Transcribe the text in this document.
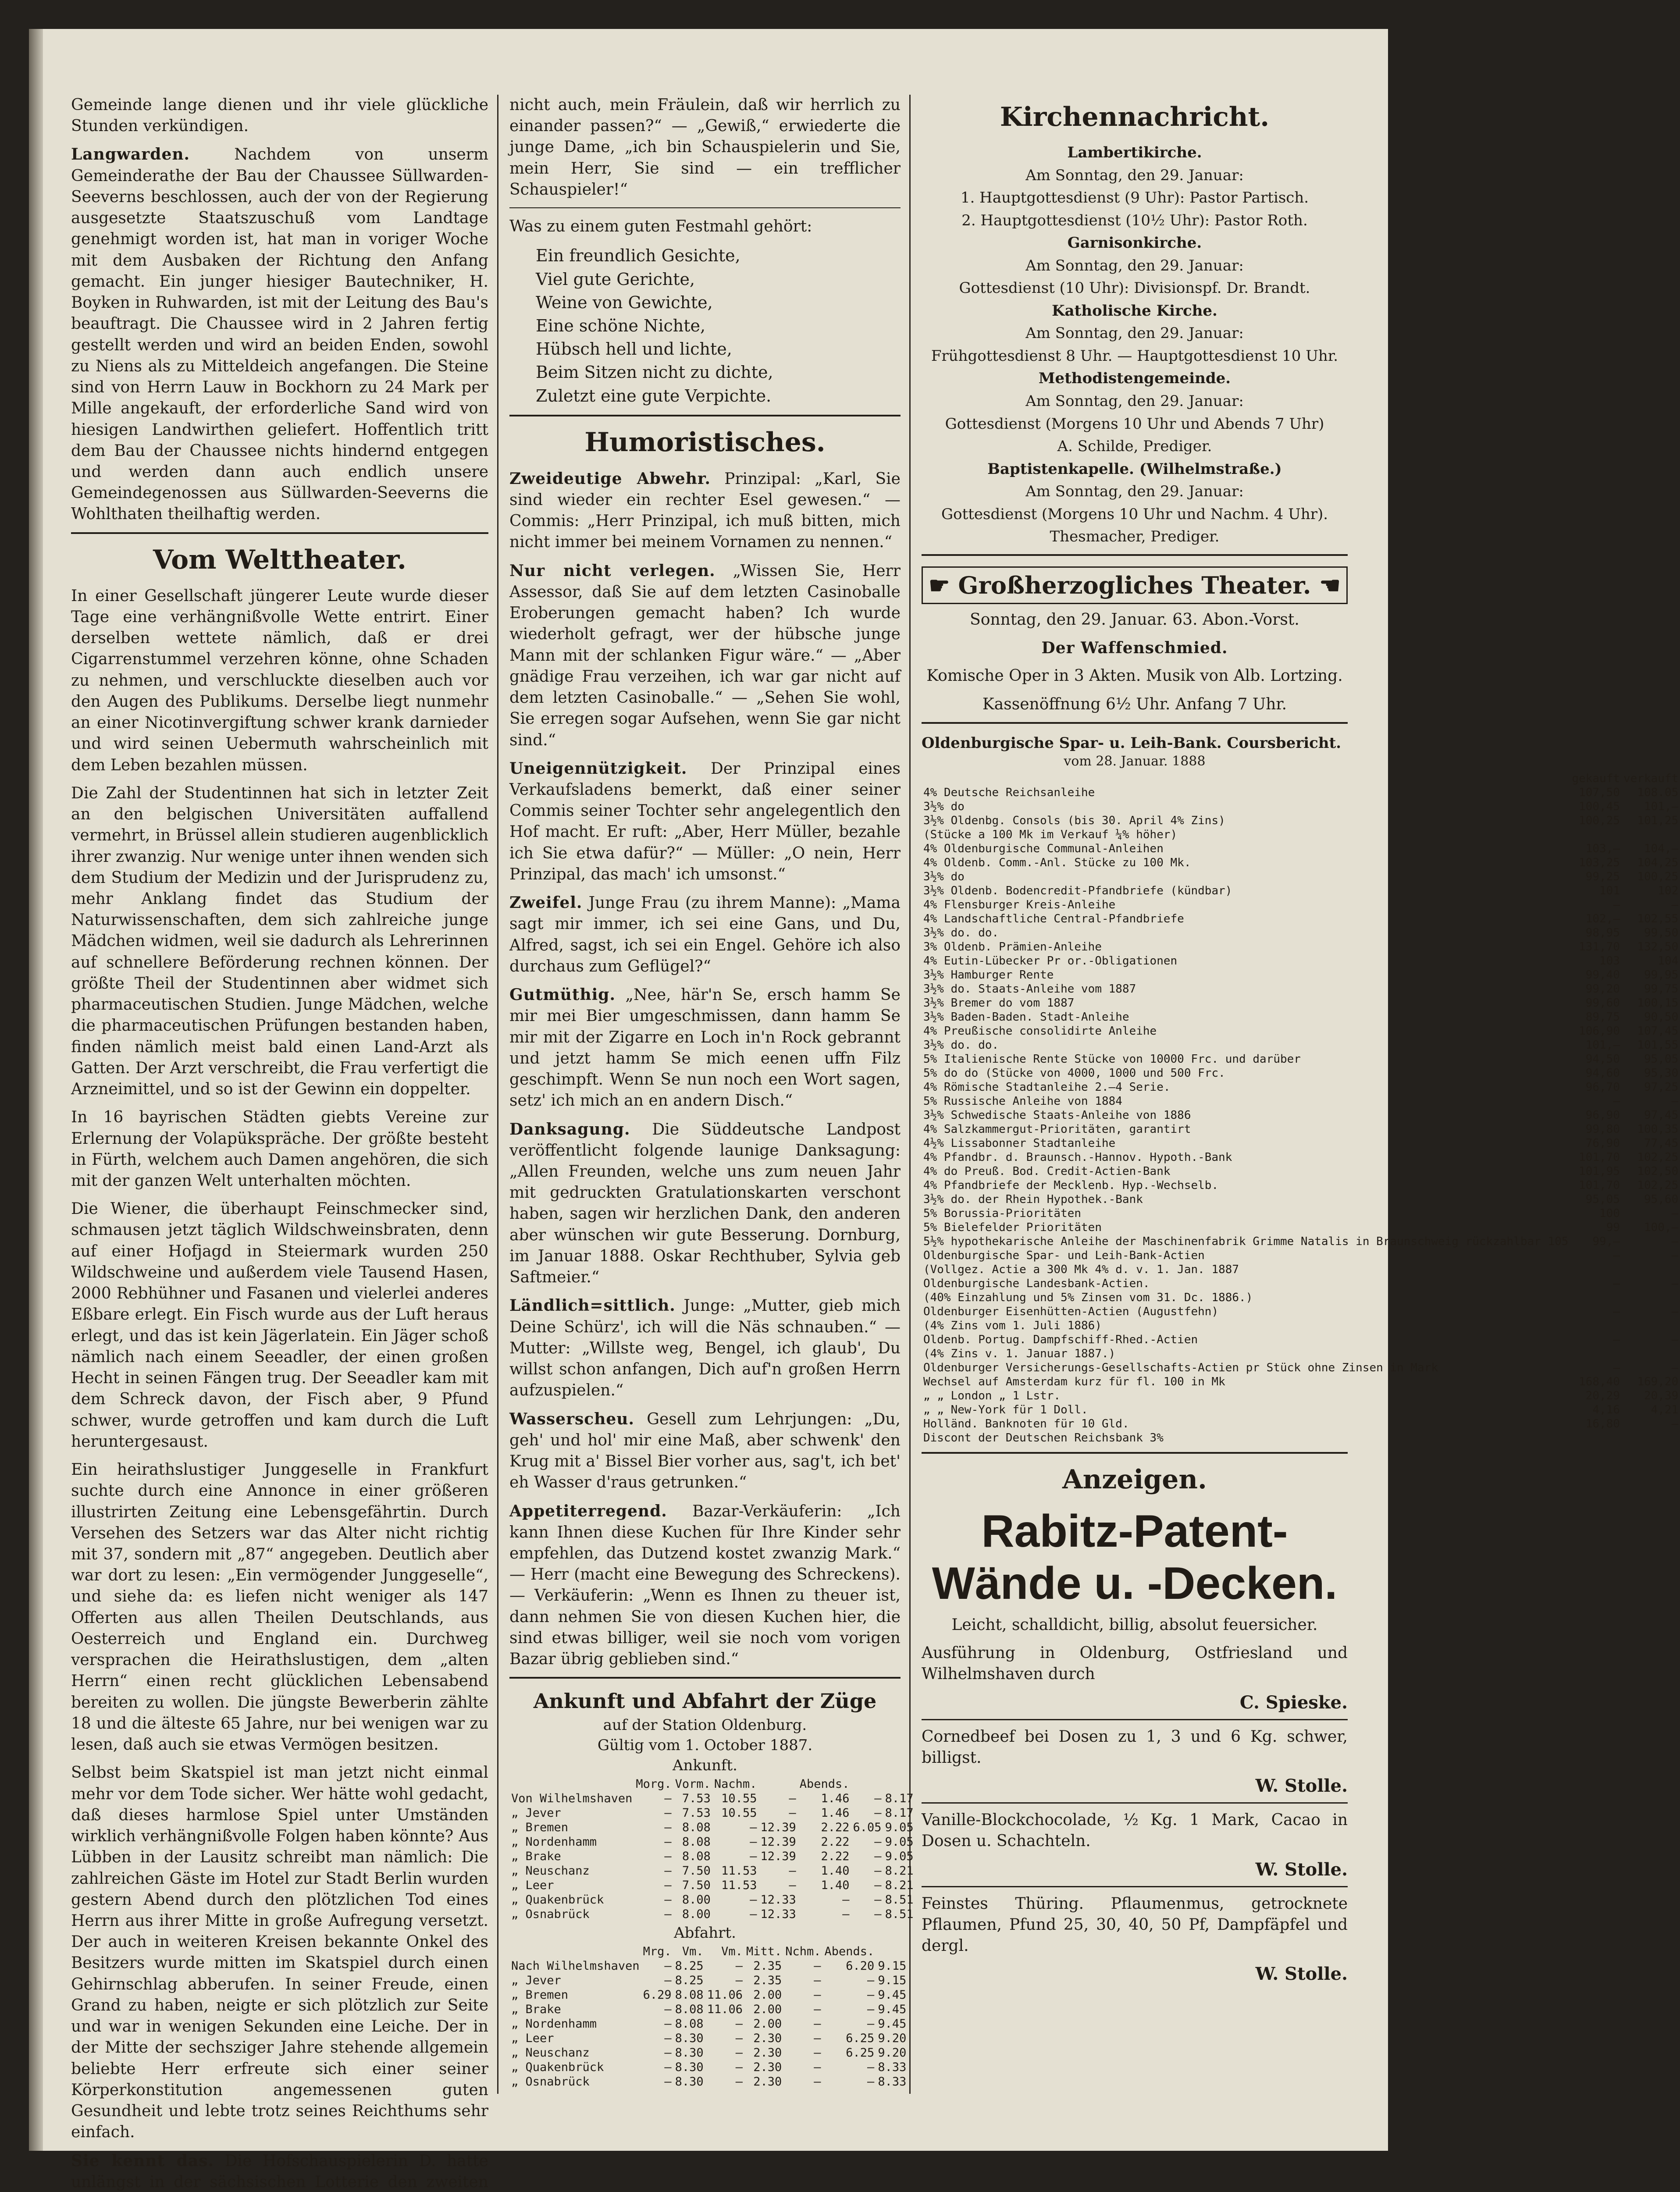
Gemeinde lange dienen und ihr viele glückliche Stunden verkündigen.

Langwarden.	Nachdem von unserm Gemeinderathe der Bau der Chaussee Süllwarden-Seeverns beschlossen, auch der von der Regierung ausgesetzte Staatszuschuß vom Landtage genehmigt worden ist, hat man in voriger Woche mit dem Ausbaken der Richtung den Anfang gemacht. Ein junger hiesiger Bautechniker, H. Boyken in Ruhwarden, ist mit der Leitung des Bau's beauftragt. Die Chaussee wird in 2 Jahren fertig gestellt werden und wird an beiden Enden, sowohl zu Niens als zu Mitteldeich angefangen. Die Steine sind von Herrn Lauw in Bockhorn zu 24 Mark per Mille angekauft, der erforderliche Sand wird von hiesigen Landwirthen geliefert. Hoffentlich tritt dem Bau der Chaussee nichts hindernd entgegen und werden dann auch endlich unsere Gemeindegenossen aus Süllwarden-Seeverns die Wohlthaten theilhaftig werden.

Vom Welttheater.

In einer Gesellschaft jüngerer Leute wurde dieser Tage eine verhängnißvolle Wette entrirt. Einer derselben wettete nämlich, daß er drei Cigarrenstummel verzehren könne, ohne Schaden zu nehmen, und verschluckte dieselben auch vor den Augen des Publikums. Derselbe liegt nunmehr an einer Nicotinvergiftung schwer krank darnieder und wird seinen Uebermuth wahrscheinlich mit dem Leben bezahlen müssen.

Die Zahl der Studentinnen hat sich in letzter Zeit an den belgischen Universitäten auffallend vermehrt, in Brüssel allein studieren augenblicklich ihrer zwanzig. Nur wenige unter ihnen wenden sich dem Studium der Medizin und der Jurisprudenz zu, mehr Anklang findet das Studium der Naturwissenschaften, dem sich zahlreiche junge Mädchen widmen, weil sie dadurch als Lehrerinnen auf schnellere Beförderung rechnen können. Der größte Theil der Studentinnen aber widmet sich pharmaceutischen Studien. Junge Mädchen, welche die pharmaceutischen Prüfungen bestanden haben, finden nämlich meist bald einen Land-Arzt als Gatten. Der Arzt verschreibt, die Frau verfertigt die Arzneimittel, und so ist der Gewinn ein doppelter.

In 16 bayrischen Städten giebts Vereine zur Erlernung der Volapükspräche. Der größte besteht in Fürth, welchem auch Damen angehören, die sich mit der ganzen Welt unterhalten möchten.

Die Wiener, die überhaupt Feinschmecker sind, schmausen jetzt täglich Wildschweinsbraten, denn auf einer Hofjagd in Steiermark wurden 250 Wildschweine und außerdem viele Tausend Hasen, 2000 Rebhühner und Fasanen und vielerlei anderes Eßbare erlegt. Ein Fisch wurde aus der Luft heraus erlegt, und das ist kein Jägerlatein. Ein Jäger schoß nämlich nach einem Seeadler, der einen großen Hecht in seinen Fängen trug. Der Seeadler kam mit dem Schreck davon, der Fisch aber, 9 Pfund schwer, wurde getroffen und kam durch die Luft heruntergesaust.

Ein heirathslustiger Junggeselle in Frankfurt suchte durch eine Annonce in einer größeren illustrirten Zeitung eine Lebensgefährtin. Durch Versehen des Setzers war das Alter nicht richtig mit 37, sondern mit „87“ angegeben. Deutlich aber war dort zu lesen: „Ein vermögender Junggeselle“, und siehe da: es liefen nicht weniger als 147 Offerten aus allen Theilen Deutschlands, aus Oesterreich und England ein. Durchweg versprachen die Heirathslustigen, dem „alten Herrn“ einen recht glücklichen Lebensabend bereiten zu wollen. Die jüngste Bewerberin zählte 18 und die älteste 65 Jahre, nur bei wenigen war zu lesen, daß auch sie etwas Vermögen besitzen.

Selbst beim Skatspiel ist man jetzt nicht einmal mehr vor dem Tode sicher. Wer hätte wohl gedacht, daß dieses harmlose Spiel unter Umständen wirklich verhängnißvolle Folgen haben könnte? Aus Lübben in der Lausitz schreibt man nämlich: Die zahlreichen Gäste im Hotel zur Stadt Berlin wurden gestern Abend durch den plötzlichen Tod eines Herrn aus ihrer Mitte in große Aufregung versetzt. Der auch in weiteren Kreisen bekannte Onkel des Besitzers wurde mitten im Skatspiel durch einen Gehirnschlag abberufen. In seiner Freude, einen Grand zu haben, neigte er sich plötzlich zur Seite und war in wenigen Sekunden eine Leiche. Der in der Mitte der sechsziger Jahre stehende allgemein beliebte Herr erfreute sich einer seiner Körperkonstitution angemessenen guten Gesundheit und lebte trotz seines Reichthums sehr einfach.

Sie kennt das. Die Hofschauspielerin D. hatte unlängst in der sächsischen Lotterie den zweiten

nicht auch, mein Fräulein, daß wir herrlich zu einander passen?“ — „Gewiß,“ erwiederte die junge Dame, „ich bin Schauspielerin und Sie, mein Herr, Sie sind — ein trefflicher Schauspieler!“

Was zu einem guten Festmahl gehört:

Ein freundlich Gesichte,
Viel gute Gerichte,
Weine von Gewichte,
Eine schöne Nichte,
Hübsch hell und lichte,
Beim Sitzen nicht zu dichte,
Zuletzt eine gute Verpichte.
Humoristisches.

Zweideutige Abwehr. Prinzipal: „Karl, Sie sind wieder ein rechter Esel gewesen.“ — Commis: „Herr Prinzipal, ich muß bitten, mich nicht immer bei meinem Vornamen zu nennen.“

Nur nicht verlegen. „Wissen Sie, Herr Assessor, daß Sie auf dem letzten Casinoballe Eroberungen gemacht haben? Ich wurde wiederholt gefragt, wer der hübsche junge Mann mit der schlanken Figur wäre.“ — „Aber gnädige Frau verzeihen, ich war gar nicht auf dem letzten Casinoballe.“ — „Sehen Sie wohl, Sie erregen sogar Aufsehen, wenn Sie gar nicht sind.“

Uneigennützigkeit. Der Prinzipal eines Verkaufsladens bemerkt, daß einer seiner Commis seiner Tochter sehr angelegentlich den Hof macht. Er ruft: „Aber, Herr Müller, bezahle ich Sie etwa dafür?“ — Müller: „O nein, Herr Prinzipal, das mach' ich umsonst.“

Zweifel. Junge Frau (zu ihrem Manne): „Mama sagt mir immer, ich sei eine Gans, und Du, Alfred, sagst, ich sei ein Engel. Gehöre ich also durchaus zum Geflügel?“

Gutmüthig. „Nee, här'n Se, ersch hamm Se mir mei Bier umgeschmissen, dann hamm Se mir mit der Zigarre en Loch in'n Rock gebrannt und jetzt hamm Se mich eenen uffn Filz geschimpft. Wenn Se nun noch een Wort sagen, setz' ich mich an en andern Disch.“

Danksagung. Die Süddeutsche Landpost veröffentlicht folgende launige Danksagung: „Allen Freunden, welche uns zum neuen Jahr mit gedruckten Gratulationskarten verschont haben, sagen wir herzlichen Dank, den anderen aber wünschen wir gute Besserung. Dornburg, im Januar 1888. Oskar Rechthuber, Sylvia geb Saftmeier.“

Ländlich=sittlich. Junge: „Mutter, gieb mich Deine Schürz', ich will die Näs schnauben.“ — Mutter: „Willste weg, Bengel, ich glaub', Du willst schon anfangen, Dich auf'n großen Herrn aufzuspielen.“

Wasserscheu. Gesell zum Lehrjungen: „Du, geh' und hol' mir eine Maß, aber schwenk' den Krug mit a' Bissel Bier vorher aus, sag't, ich bet' eh Wasser d'raus getrunken.“

Appetiterregend. Bazar-Verkäuferin: „Ich kann Ihnen diese Kuchen für Ihre Kinder sehr empfehlen, das Dutzend kostet zwanzig Mark.“ — Herr (macht eine Bewegung des Schreckens). — Verkäuferin: „Wenn es Ihnen zu theuer ist, dann nehmen Sie von diesen Kuchen hier, die sind etwas billiger, weil sie noch vom vorigen Bazar übrig geblieben sind.“

Ankunft und Abfahrt der Züge
auf der Station Oldenburg.
Gültig vom 1. October 1887.
Ankunft.
	Morg.	Vorm.	Nachm.		Abends.		
Von Wilhelmshaven	—	7.53	10.55	—	1.46	—	8.17
„ Jever	—	7.53	10.55	—	1.46	—	8.17
„ Bremen	—	8.08	—	12.39	2.22	6.05	9.05
„ Nordenhamm	—	8.08	—	12.39	2.22	—	9.05
„ Brake	—	8.08	—	12.39	2.22	—	9.05
„ Neuschanz	—	7.50	11.53	—	1.40	—	8.21
„ Leer	—	7.50	11.53	—	1.40	—	8.21
„ Quakenbrück	—	8.00	—	12.33	—	—	8.51
„ Osnabrück	—	8.00	—	12.33	—	—	8.51
Abfahrt.
	Mrg.	Vm.	Vm.	Mitt.	Nchm.	Abends.	
Nach Wilhelmshaven	—	8.25	—	2.35	—	6.20	9.15
„ Jever	—	8.25	—	2.35	—	—	9.15
„ Bremen	6.29	8.08	11.06	2.00	—	—	9.45
„ Brake	—	8.08	11.06	2.00	—	—	9.45
„ Nordenhamm	—	8.08	—	2.00	—	—	9.45
„ Leer	—	8.30	—	2.30	—	6.25	9.20
„ Neuschanz	—	8.30	—	2.30	—	6.25	9.20
„ Quakenbrück	—	8.30	—	2.30	—	—	8.33
„ Osnabrück	—	8.30	—	2.30	—	—	8.33
Kirchennachricht.

Lambertikirche.

Am Sonntag, den 29. Januar:

1. Hauptgottesdienst (9 Uhr): Pastor Partisch.

2. Hauptgottesdienst (10½ Uhr): Pastor Roth.

Garnisonkirche.

Am Sonntag, den 29. Januar:

Gottesdienst (10 Uhr): Divisionspf. Dr. Brandt.

Katholische Kirche.

Am Sonntag, den 29. Januar:

Frühgottesdienst 8 Uhr. — Hauptgottesdienst 10 Uhr.

Methodistengemeinde.

Am Sonntag, den 29. Januar:

Gottesdienst (Morgens 10 Uhr und Abends 7 Uhr)

A. Schilde, Prediger.

Baptistenkapelle. (Wilhelmstraße.)

Am Sonntag, den 29. Januar:

Gottesdienst (Morgens 10 Uhr und Nachm. 4 Uhr).

Thesmacher, Prediger.

☛ Großherzogliches Theater. ☚

Sonntag, den 29. Januar. 63. Abon.-Vorst.

Der Waffenschmied.

Komische Oper in 3 Akten. Musik von Alb. Lortzing.

Kassenöffnung 6½ Uhr. Anfang 7 Uhr.

Oldenburgische Spar- u. Leih-Bank. Coursbericht.
vom 28. Januar. 1888
	gekauft	verkauft
4% Deutsche Reichsanleihe	107,50	108.05
3½% do	100,45	101,—
3½% Oldenbg. Consols (bis 30. April 4% Zins)	100,25	101,25
(Stücke a 100 Mk im Verkauf ¼% höher)		
4% Oldenburgische Communal-Anleihen	103,—	104,—
4% Oldenb. Comm.-Anl. Stücke zu 100 Mk.	103,25	104,25
3½% do	99,25	100,25
3½% Oldenb. Bodencredit-Pfandbriefe (kündbar)	101	102
4% Flensburger Kreis-Anleihe	—	—
4% Landschaftliche Central-Pfandbriefe	102,—	102,55
3½% do. do.	98,95	99,50
3% Oldenb. Prämien-Anleihe	131,70	132,50
4% Eutin-Lübecker Pr or.-Obligationen	103	104
3½% Hamburger Rente	99,40	99,95
3½% do. Staats-Anleihe vom 1887	99,20	99,75
3½% Bremer do vom 1887	99,60	100,15
3½% Baden-Baden. Stadt-Anleihe	89,75	90,50
4% Preußische consolidirte Anleihe	106,90	107,45
3½% do. do.	101,—	101,55
5% Italienische Rente Stücke von 10000 Frc. und darüber	94,50	95,05
5% do do (Stücke von 4000, 1000 und 500 Frc.	94,60	95,30
4% Römische Stadtanleihe 2.—4 Serie.	96,70	97,25
5% Russische Anleihe von 1884	—	—
3½% Schwedische Staats-Anleihe von 1886	96,90	97,45
4% Salzkammergut-Prioritäten, garantirt	99,80	100,35
4½% Lissabonner Stadtanleihe	76,90	77,45
4% Pfandbr. d. Braunsch.-Hannov. Hypoth.-Bank	101,70	102,25
4% do Preuß. Bod. Credit-Actien-Bank	101,95	102,50
4% Pfandbriefe der Mecklenb. Hyp.-Wechselb.	101,70	102,25
3½% do. der Rhein Hypothek.-Bank	95,05	95,60
5% Borussia-Prioritäten	100	—
5% Bielefelder Prioritäten	99	100,—
5½% hypothekarische Anleihe der Maschinenfabrik Grimme Natalis in Braunschweig rückzahlbar 105	99,—	—
Oldenburgische Spar- und Leih-Bank-Actien	—	—
(Vollgez. Actie a 300 Mk 4% d. v. 1. Jan. 1887		
Oldenburgische Landesbank-Actien.	—	—
(40% Einzahlung und 5% Zinsen vom 31. Dc. 1886.)		
Oldenburger Eisenhütten-Actien (Augustfehn)	—	—
(4% Zins vom 1. Juli 1886)		
Oldenb. Portug. Dampfschiff-Rhed.-Actien	—	—
(4% Zins v. 1. Januar 1887.)		
Oldenburger Versicherungs-Gesellschafts-Actien pr Stück ohne Zinsen in Mark	—	—
Wechsel auf Amsterdam kurz für fl. 100 in Mk	168,40	169,20
„ „ London „ 1 Lstr.	20,29	20,39
„ „ New-York für 1 Doll.	4,16	4,21
Holländ. Banknoten für 10 Gld.	16,80	—
Discont der Deutschen Reichsbank 3%		
Anzeigen.
Rabitz-Patent-
Wände u. -Decken.

Leicht, schalldicht, billig, absolut feuersicher.

Ausführung in Oldenburg, Ostfriesland und Wilhelmshaven durch

C. Spieske.

Cornedbeef bei Dosen zu 1, 3 und 6 Kg. schwer, billigst.

W. Stolle.

Vanille-Blockchocolade, ½ Kg. 1 Mark, Cacao in Dosen u. Schachteln.

W. Stolle.

Feinstes Thüring. Pflaumenmus, getrocknete Pflaumen, Pfund 25, 30, 40, 50 Pf, Dampfäpfel und dergl.

W. Stolle.
